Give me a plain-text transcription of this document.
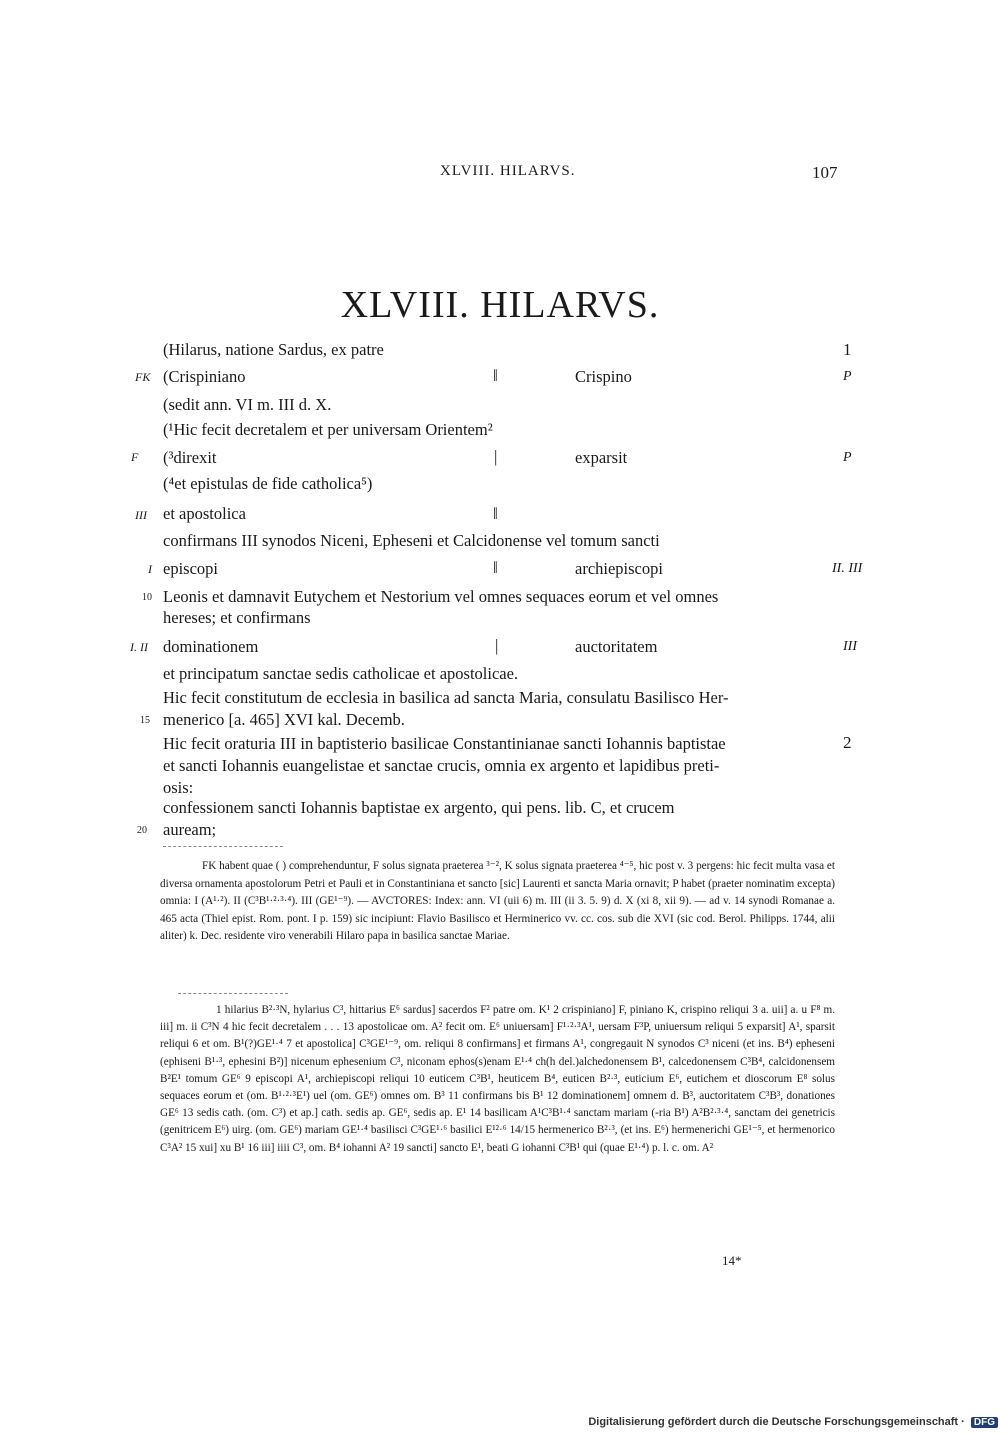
XLVIII. HILARVS.	107
XLVIII. HILARVS.
(Hilarus, natione Sardus, ex patre	1
FK (Crispiniano	‖	Crispino	P
(sedit ann. VI m. III d. X.
(¹Hic fecit decretalem et per universam Orientem²
F (³direxit	|	exparsit	P
(⁴et epistulas de fide catholica⁵)
III et apostolica	‖
confirmans III synodos Niceni, Epheseni et Calcidonense vel tomum sancti
I episcopi	‖	archiepiscopi	II. III
10 Leonis et damnavit Eutychem et Nestorium vel omnes sequaces eorum et vel omnes
hereses; et confirmans
I. II dominationem	|	auctoritatem	III
et principatum sanctae sedis catholicae et apostolicae.
Hic fecit constitutum de ecclesia in basilica ad sancta Maria, consulatu Basilisco Her-
15 menerico [a. 465] XVI kal. Decemb.
Hic fecit oraturia III in baptisterio basilicae Constantinianae sancti Iohannis baptistae	2
et sancti Iohannis euangelistae et sanctae crucis, omnia ex argento et lapidibus preti-
osis:
confessionem sancti Iohannis baptistae ex argento, qui pens. lib. C, et crucem
20 auream;
FK habent quae ( ) comprehenduntur, F solus signata praeterea ³⁻², K solus signata praeterea ⁴⁻⁵, hic post v. 3 pergens: hic fecit multa vasa et diversa ornamenta apostolorum Petri et Pauli et in Constantiniana et sancto [sic] Laurenti et sancta Maria ornavit; P habet (praeter nominatim excepta) omnia: I (A¹·²). II (C³B¹·²·³·⁴). III (GE¹⁻⁹). — AVCTORES: Index: ann. VI (uii 6) m. III (ii 3. 5. 9) d. X (xi 8, xii 9). — ad v. 14 synodi Romanae a. 465 acta (Thiel epist. Rom. pont. I p. 159) sic incipiunt: Flavio Basilisco et Herminerico vv. cc. cos. sub die XVI (sic cod. Berol. Philipps. 1744, alii aliter) k. Dec. residente viro venerabili Hilaro papa in basilica sanctae Mariae.
1 hilarius B²·³N, hylarius C³, hittarius E⁶ sardus] sacerdos F² patre om. K¹ 2 crispiniano] F, piniano K, crispino reliqui 3 a. uii] a. u F⁸ m. iii] m. ii C³N 4 hic fecit decretalem . . . 13 apostolicae om. A² fecit om. E⁶ uniuersam] F¹·²·³A¹, uersam F³P, uniuersum reliqui 5 exparsit] A¹, sparsit reliqui 6 et om. B¹(?)GE¹·⁴ 7 et apostolica] C³GE¹⁻⁹, om. reliqui 8 confirmans] et firmans A¹, congregauit N synodos C³ niceni (et ins. B⁴) epheseni (ephiseni B¹·³, ephesini B²)] nicenum ephesenium C³, niconam ephos(s)enam E¹·⁴ ch(h del.)alchedonensem B¹, calcedonensem C³B⁴, calcidonensem B²E¹ tomum GE⁶ 9 episcopi A¹, archiepiscopi reliqui 10 euticem C³B¹, heuticem B⁴, euticen B²·³, euticium E⁶, eutichem et dioscorum E⁸ solus sequaces eorum et (om. B¹·²·³E¹) uel (om. GE⁶) omnes om. B³ 11 confirmans bis B¹ 12 dominationem] omnem d. B³, auctoritatem C³B³, donationes GE⁶ 13 sedis cath. (om. C³) et ap.] cath. sedis ap. GE⁶, sedis ap. E¹ 14 basilicam A¹C³B¹·⁴ sanctam mariam (-ria B¹) A²B²·³·⁴, sanctam dei genetricis (genitricem E⁶) uirg. (om. GE⁶) mariam GE¹·⁴ basilisci C³GE¹·⁶ basilici E¹²·⁶ 14/15 hermenerico B²·³, (et ins. E⁶) hermenerichi GE¹⁻⁵, et hermenorico C³A² 15 xui] xu B¹ 16 iii] iiii C³, om. B⁴ iohanni A² 19 sancti] sancto E¹, beati G iohanni C³B¹ qui (quae E¹·⁴) p. l. c. om. A²
14*
Digitalisierung gefördert durch die Deutsche Forschungsgemeinschaft · DFG
